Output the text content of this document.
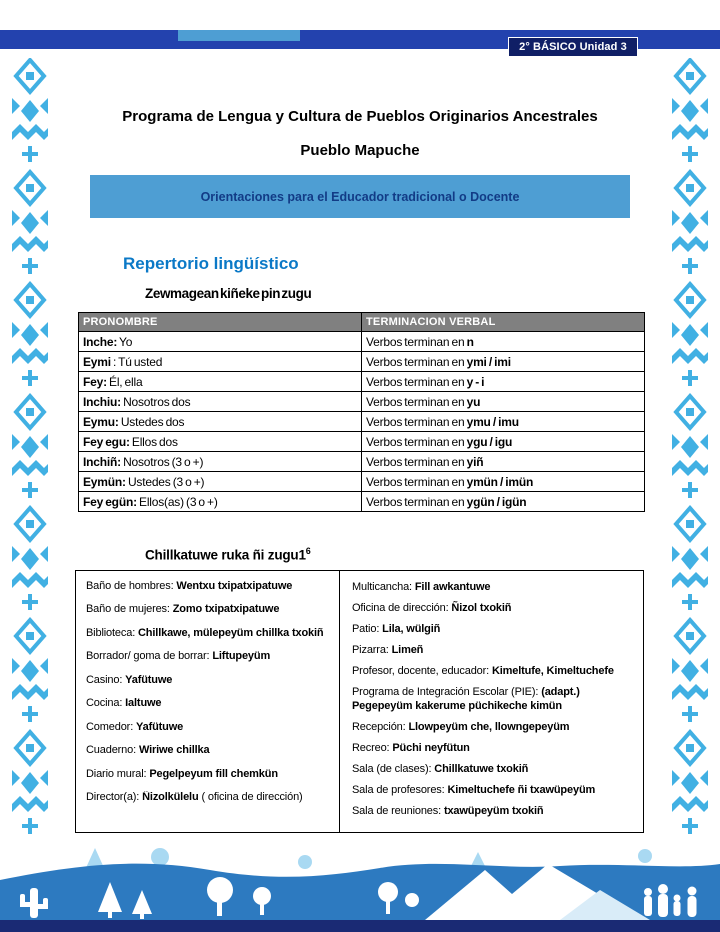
2° BÁSICO Unidad 3
Programa de Lengua y Cultura de Pueblos Originarios Ancestrales
Pueblo Mapuche
Orientaciones para el Educador tradicional o Docente
Repertorio lingüístico
Zewmagean kiñeke pin zugu
PRONOMBRE	TERMINACION VERBAL
Inche: Yo	Verbos terminan en n
Eymi : Tú usted	Verbos terminan en ymi / imi
Fey: Él, ella	Verbos terminan en y - i
Inchiu: Nosotros dos	Verbos terminan en yu
Eymu: Ustedes dos	Verbos terminan en ymu / imu
Fey egu: Ellos dos	Verbos terminan en ygu / igu
Inchiñ: Nosotros (3 o +)	Verbos terminan en yiñ
Eymün: Ustedes (3 o +)	Verbos terminan en ymün / imün
Fey egün: Ellos(as) (3 o +)	Verbos terminan en ygün / igün
Chillkatuwe ruka ñi $zugu1^6$
Baño de hombres: Wentxu txipatxipatuwe
Baño de mujeres: Zomo txipatxipatuwe
Biblioteca: Chillkawe, mülepeyüm chillka txokiñ
Borrador/ goma de borrar: Liftupeyüm
Casino: Yafütuwe
Cocina: Ialtuwe
Comedor: Yafütuwe
Cuaderno: Wiriwe chillka
Diario mural: Pegelpeyum fill chemkün
Director(a): Ñizolkülelu ( oficina de dirección)
Multicancha: Fill awkantuwe
Oficina de dirección: Ñizol txokiñ
Patio: Lila, wülgiñ
Pizarra: Limeñ
Profesor, docente, educador: Kimeltufe, Kimeltuchefe
Programa de Integración Escolar (PIE): (adapt.) Pegepeyüm kakerume püchikeche kimün
Recepción: Llowpeyüm che, llowngepeyüm
Recreo: Püchi neyfütun
Sala (de clases): Chillkatuwe txokiñ
Sala de profesores: Kimeltuchefe ñi txawüpeyüm
Sala de reuniones: txawüpeyüm txokiñ
